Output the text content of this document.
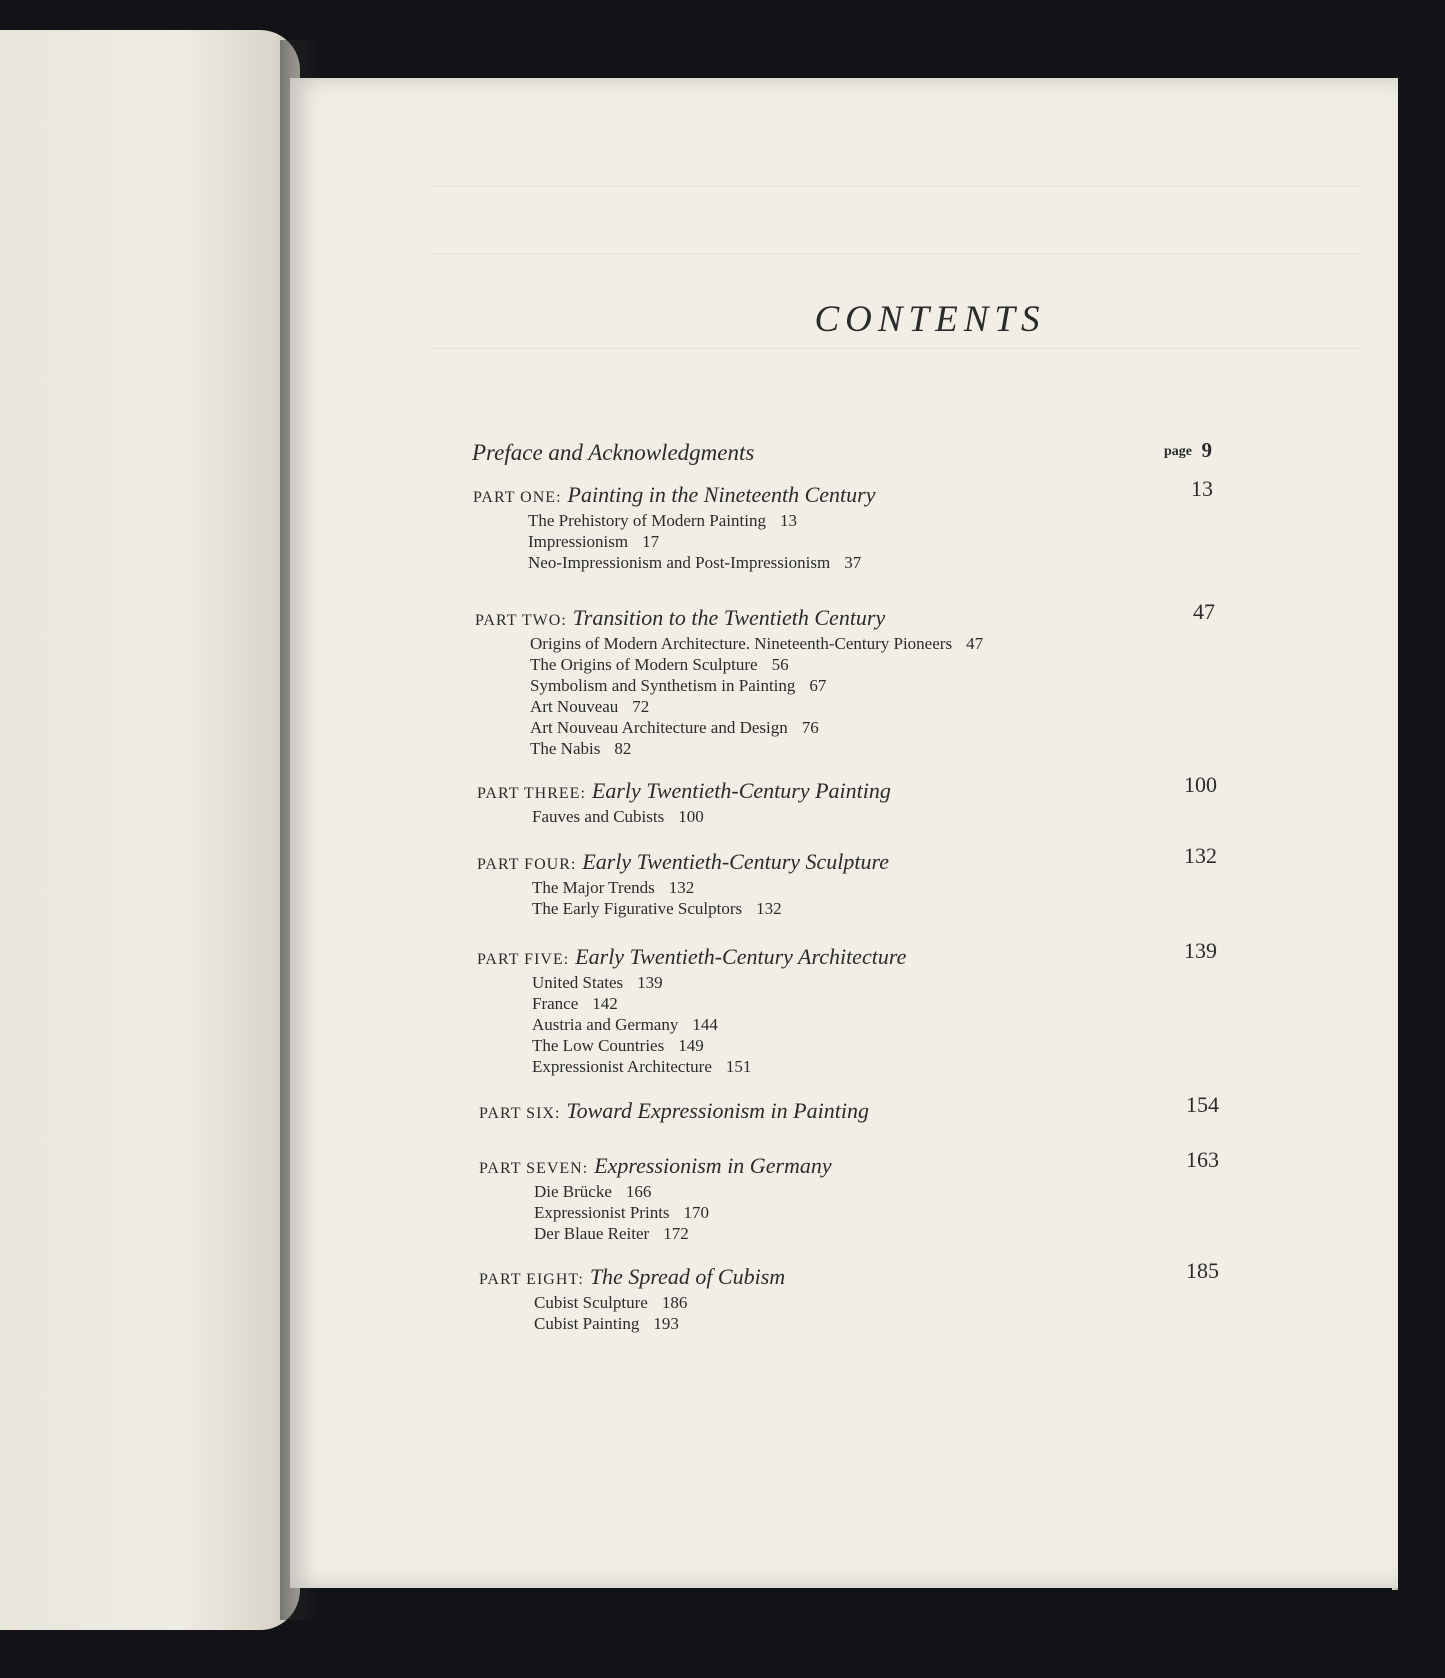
CONTENTS
Preface and Acknowledgments	page 9
PART ONE: Painting in the Nineteenth Century	13
The Prehistory of Modern Painting 13
Impressionism 17
Neo-Impressionism and Post-Impressionism 37
PART TWO: Transition to the Twentieth Century	47
Origins of Modern Architecture. Nineteenth-Century Pioneers 47
The Origins of Modern Sculpture 56
Symbolism and Synthetism in Painting 67
Art Nouveau 72
Art Nouveau Architecture and Design 76
The Nabis 82
PART THREE: Early Twentieth-Century Painting	100
Fauves and Cubists 100
PART FOUR: Early Twentieth-Century Sculpture	132
The Major Trends 132
The Early Figurative Sculptors 132
PART FIVE: Early Twentieth-Century Architecture	139
United States 139
France 142
Austria and Germany 144
The Low Countries 149
Expressionist Architecture 151
PART SIX: Toward Expressionism in Painting	154
PART SEVEN: Expressionism in Germany	163
Die Brücke 166
Expressionist Prints 170
Der Blaue Reiter 172
PART EIGHT: The Spread of Cubism	185
Cubist Sculpture 186
Cubist Painting 193
